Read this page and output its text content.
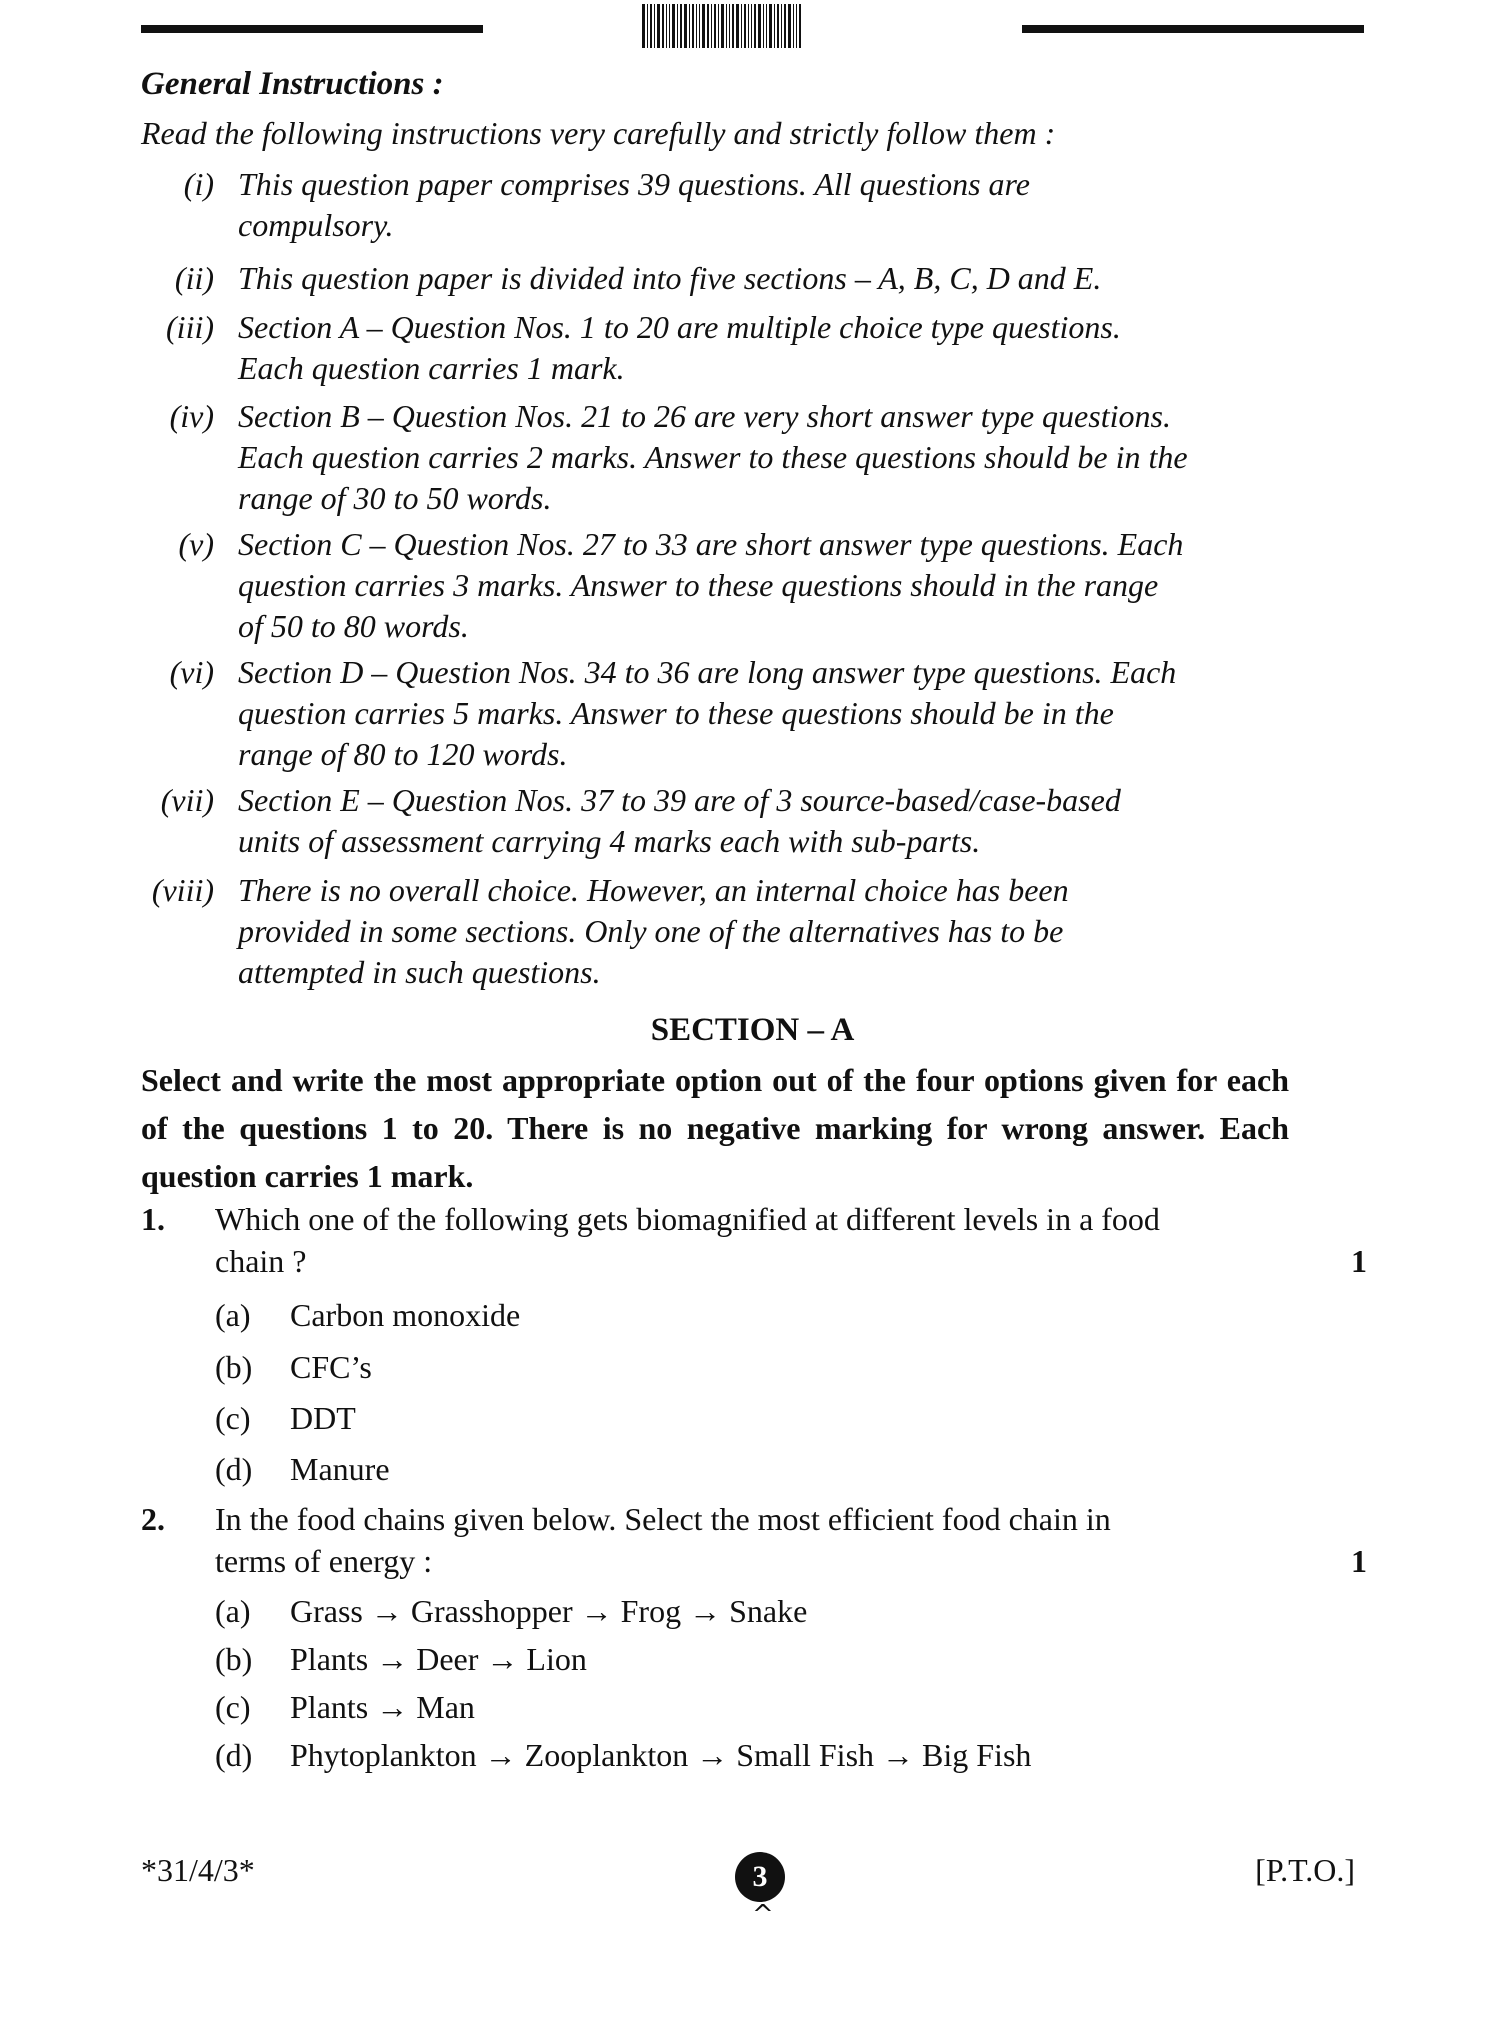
General Instructions :
Read the following instructions very carefully and strictly follow them :
(i) This question paper comprises 39 questions. All questions are
compulsory.
(ii) This question paper is divided into five sections – A, B, C, D and E.
(iii) Section A – Question Nos. 1 to 20 are multiple choice type questions.
Each question carries 1 mark.
(iv) Section B – Question Nos. 21 to 26 are very short answer type questions.
Each question carries 2 marks. Answer to these questions should be in the
range of 30 to 50 words.
(v) Section C – Question Nos. 27 to 33 are short answer type questions. Each
question carries 3 marks. Answer to these questions should in the range
of 50 to 80 words.
(vi) Section D – Question Nos. 34 to 36 are long answer type questions. Each
question carries 5 marks. Answer to these questions should be in the
range of 80 to 120 words.
(vii) Section E – Question Nos. 37 to 39 are of 3 source-based/case-based
units of assessment carrying 4 marks each with sub-parts.
(viii) There is no overall choice. However, an internal choice has been
provided in some sections. Only one of the alternatives has to be
attempted in such questions.
SECTION – A
Select and write the most appropriate option out of the four options given for each of the questions 1 to 20. There is no negative marking for wrong answer. Each question carries 1 mark.
1. Which one of the following gets biomagnified at different levels in a food
chain ?	1
(a) Carbon monoxide
(b) CFC’s
(c) DDT
(d) Manure
2. In the food chains given below. Select the most efficient food chain in
terms of energy :	1
(a) Grass → Grasshopper → Frog → Snake
(b) Plants → Deer → Lion
(c) Plants → Man
(d) Phytoplankton → Zooplankton → Small Fish → Big Fish
*31/4/3*	3
^
[P.T.O.]
